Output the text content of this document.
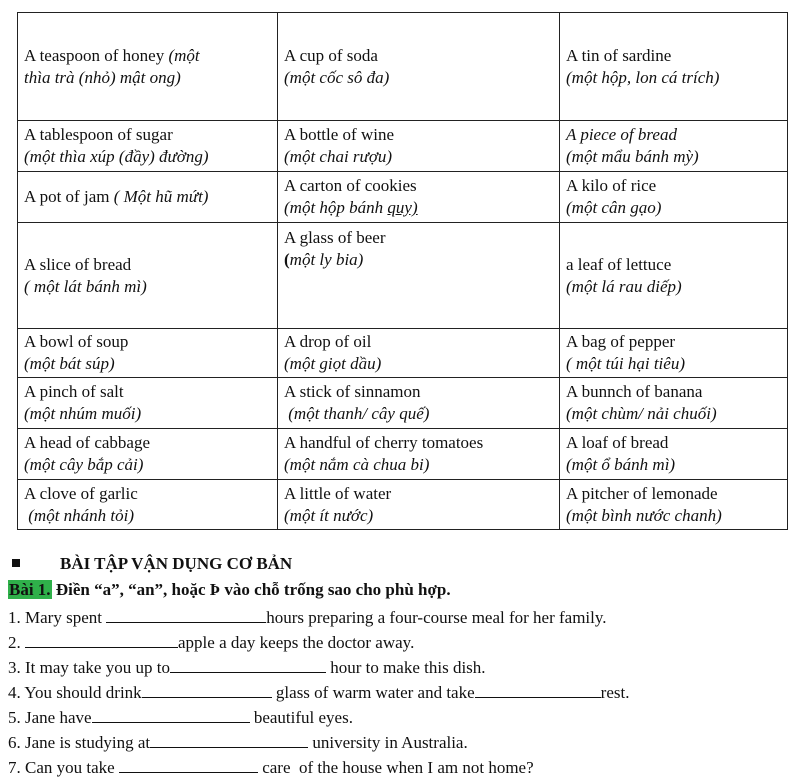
A teaspoon of honey (một
thìa trà (nhỏ) mật ong)	A cup of soda
(một cốc sô đa)	A tin of sardine
(một hộp, lon cá trích)

A tablespoon of sugar
(một thìa xúp (đầy) đường)	A bottle of wine
(một chai rượu)	A piece of bread
(một mẩu bánh mỳ)

A pot of jam ( Một hũ mứt)	A carton of cookies
(một hộp bánh quy)	A kilo of rice
(một cân gạo)

A slice of bread
( một lát bánh mì)	A glass of beer
(một ly bia)	a leaf of lettuce
(một lá rau diếp)

A bowl of soup
(một bát súp)	A drop of oil
(một giọt dầu)	A bag of pepper
( một túi hại tiêu)

A pinch of salt
(một nhúm muối)	A stick of sinnamon
(một thanh/ cây quế)	A bunnch of banana
(một chùm/ nải chuối)

A head of cabbage
(một cây bắp cải)	A handful of cherry tomatoes
(một nắm cà chua bi)	A loaf of bread
(một ổ bánh mì)

A clove of garlic
(một nhánh tỏi)	A little of water
(một ít nước)	A pitcher of lemonade
(một bình nước chanh)
BÀI TẬP VẬN DỤNG CƠ BẢN
Bài 1. Điền “a”, “an”, hoặc Þ vào chỗ trống sao cho phù hợp.
1. Mary spent	hours preparing a four-course meal for her family.
2.	apple a day keeps the doctor away.
3. It may take you up to	hour to make this dish.
4. You should drink	glass of warm water and take	rest.
5. Jane have	beautiful eyes.
6. Jane is studying at	university in Australia.
7. Can you take	care  of the house when I am not home?
